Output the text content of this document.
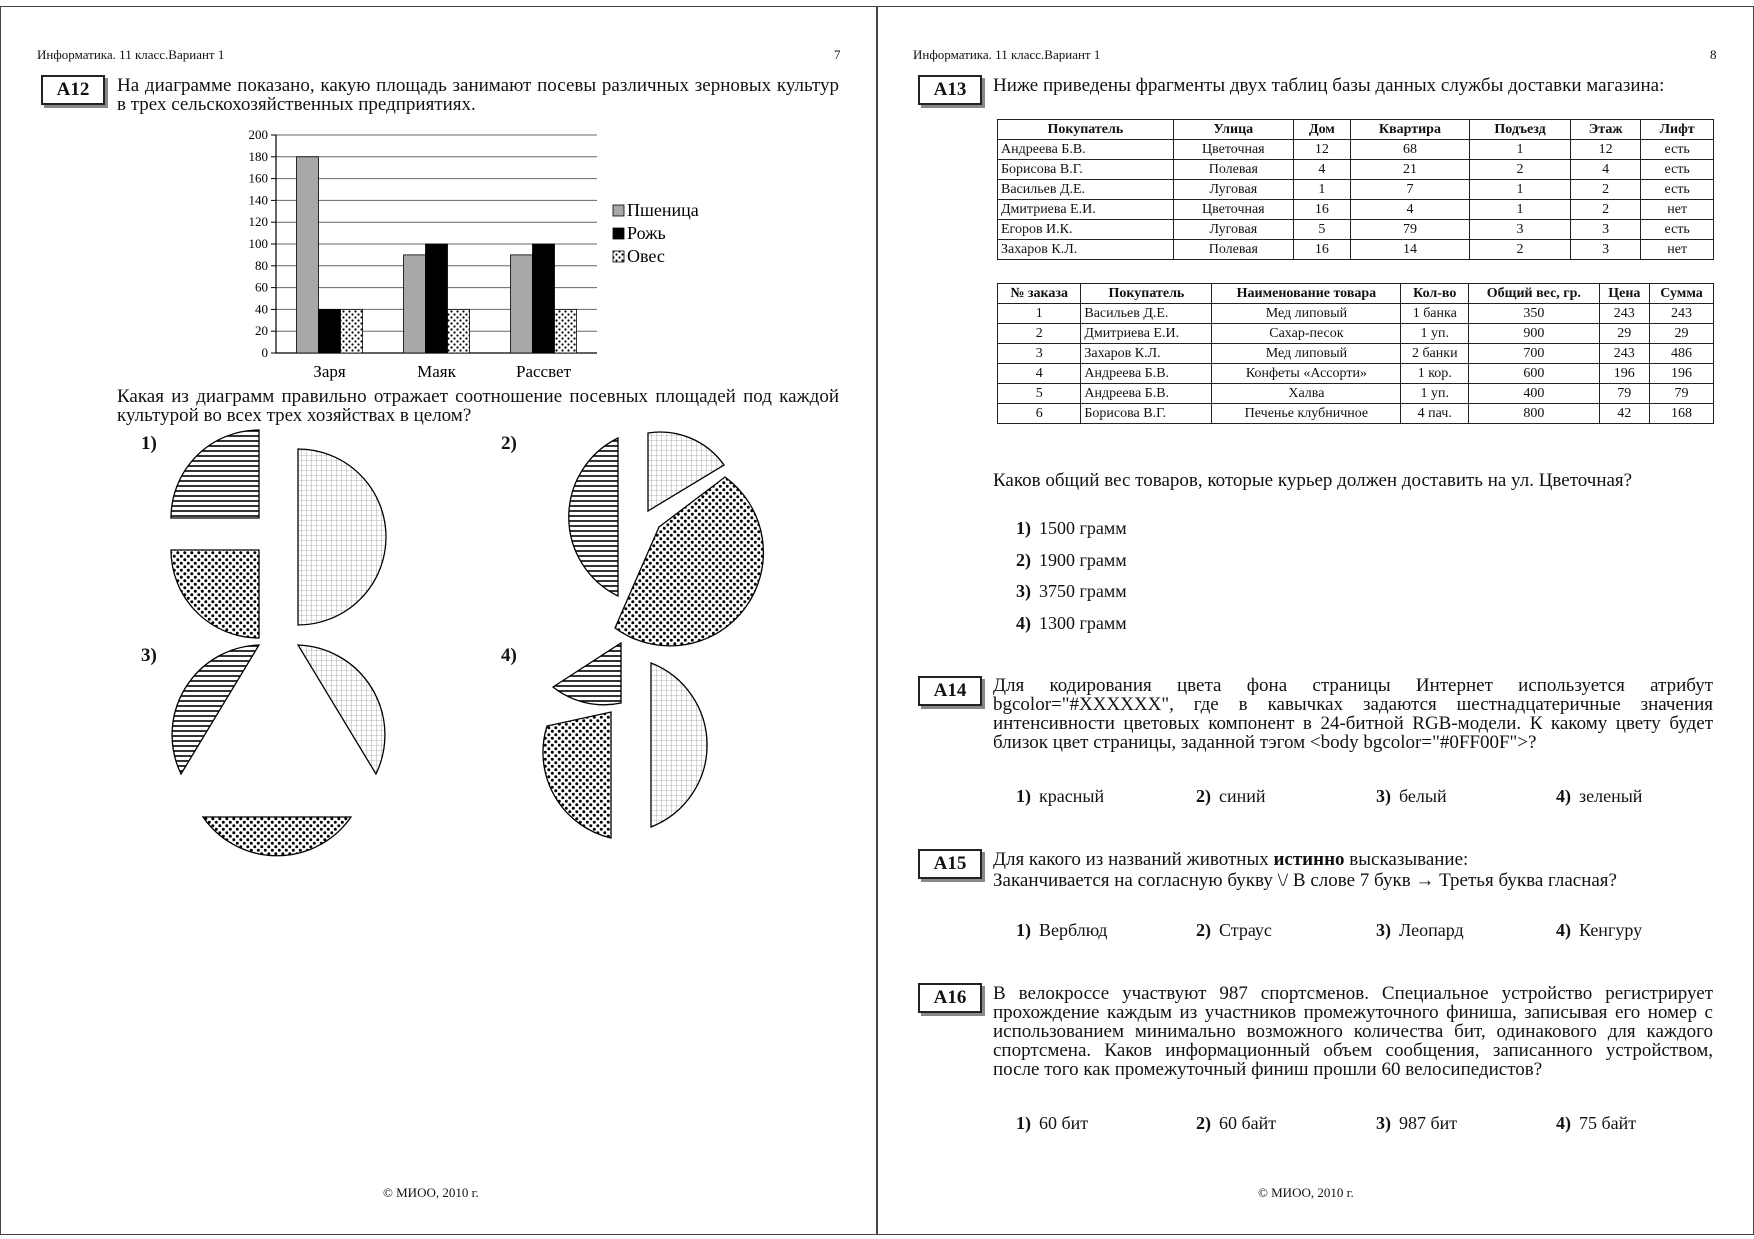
Информатика. 11 класс.Вариант 1	7
A12	На диаграмме показано, какую площадь занимают посевы различных зерновых культур в трех сельскохозяйственных предприятиях.
0
20
40
60
80
100
120
140
160
180
200
Заря	Маяк	Рассвет
Пшеница
Рожь
Овес
Какая из диаграмм правильно отражает соотношение посевных площадей под каждой культурой во всех трех хозяйствах в целом?
1)	2)
3)	4)
© МИОО, 2010 г.
Информатика. 11 класс.Вариант 1	8
A13	Ниже приведены фрагменты двух таблиц базы данных службы доставки магазина:
Покупатель	Улица	Дом	Квартира	Подъезд	Этаж	Лифт
Андреева Б.В.	Цветочная	12	68	1	12	есть
Борисова В.Г.	Полевая	4	21	2	4	есть
Васильев Д.Е.	Луговая	1	7	1	2	есть
Дмитриева Е.И.	Цветочная	16	4	1	2	нет
Егоров И.К.	Луговая	5	79	3	3	есть
Захаров К.Л.	Полевая	16	14	2	3	нет
№ заказа	Покупатель	Наименование товара	Кол-во	Общий вес, гр.	Цена	Сумма
1	Васильев Д.Е.	Мед липовый	1 банка	350	243	243
2	Дмитриева Е.И.	Сахар-песок	1 уп.	900	29	29
3	Захаров К.Л.	Мед липовый	2 банки	700	243	486
4	Андреева Б.В.	Конфеты «Ассорти»	1 кор.	600	196	196
5	Андреева Б.В.	Халва	1 уп.	400	79	79
6	Борисова В.Г.	Печенье клубничное	4 пач.	800	42	168
Каков общий вес товаров, которые курьер должен доставить на ул. Цветочная?
1) 1500 грамм
2) 1900 грамм
3) 3750 грамм
4) 1300 грамм
A14	Для кодирования цвета фона страницы Интернет используется атрибут bgcolor="#XXXXXX", где в кавычках задаются шестнадцатеричные значения интенсивности цветовых компонент в 24-битной RGB-модели. К какому цвету будет близок цвет страницы, заданной тэгом <body bgcolor="#0FF00F">?
1) красный	2) синий	3) белый	4) зеленый
A15	Для какого из названий животных истинно высказывание:
Заканчивается на согласную букву \/ В слове 7 букв → Третья буква гласная?
1) Верблюд	2) Страус	3) Леопард	4) Кенгуру
A16	В велокроссе участвуют 987 спортсменов. Специальное устройство регистрирует прохождение каждым из участников промежуточного финиша, записывая его номер с использованием минимально возможного количества бит, одинакового для каждого спортсмена. Каков информационный объем сообщения, записанного устройством, после того как промежуточный финиш прошли 60 велосипедистов?
1) 60 бит	2) 60 байт	3) 987 бит	4) 75 байт
© МИОО, 2010 г.
